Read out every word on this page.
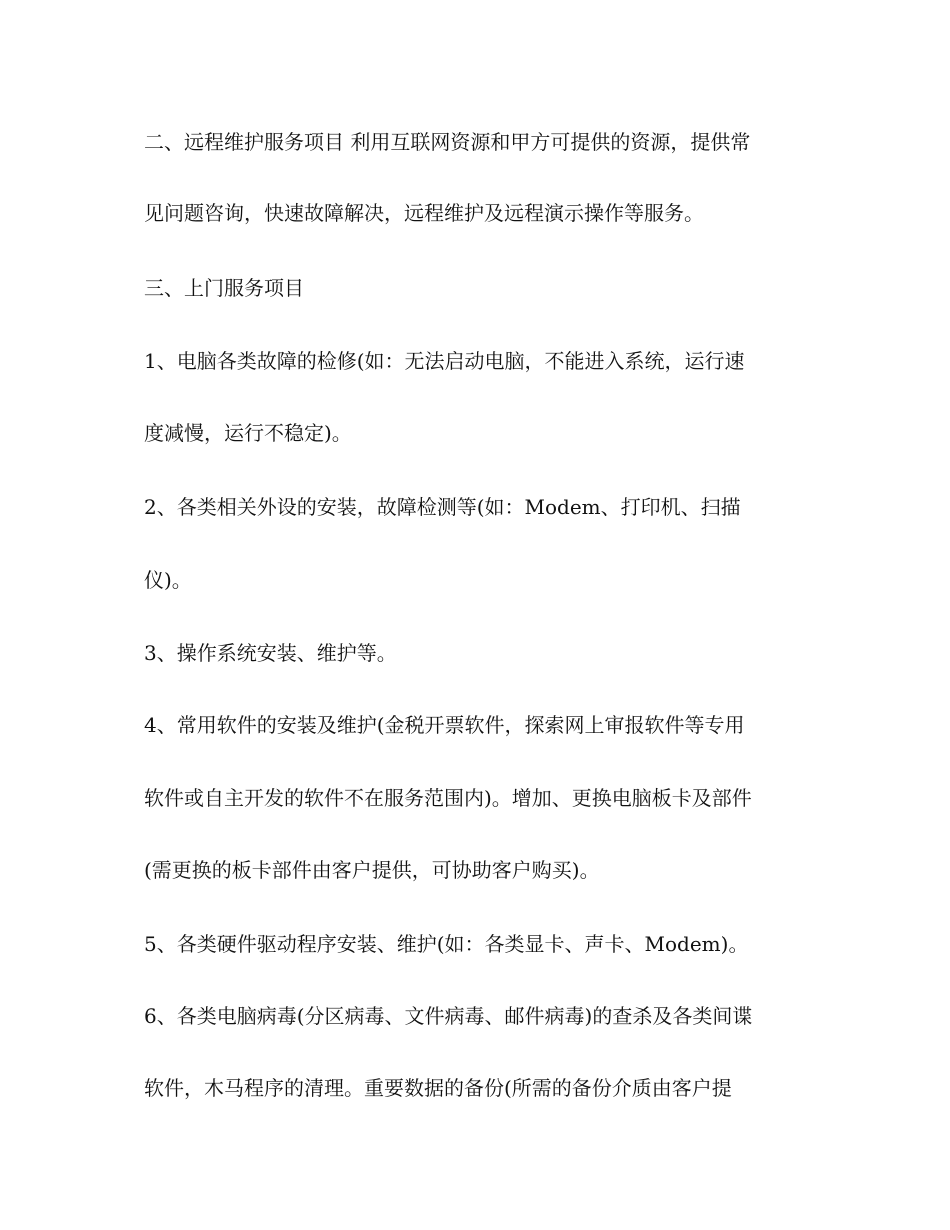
二、远程维护服务项目 利用互联网资源和甲方可提供的资源，提供常
见问题咨询，快速故障解决，远程维护及远程演示操作等服务。
三、上门服务项目
1、电脑各类故障的检修(如：无法启动电脑，不能进入系统，运行速
度减慢，运行不稳定)。
2、各类相关外设的安装，故障检测等(如：Modem、打印机、扫描
仪)。
3、操作系统安装、维护等。
4、常用软件的安装及维护(金税开票软件，探索网上审报软件等专用
软件或自主开发的软件不在服务范围内)。增加、更换电脑板卡及部件
(需更换的板卡部件由客户提供，可协助客户购买)。
5、各类硬件驱动程序安装、维护(如：各类显卡、声卡、Modem)。
6、各类电脑病毒(分区病毒、文件病毒、邮件病毒)的查杀及各类间谍
软件，木马程序的清理。重要数据的备份(所需的备份介质由客户提
